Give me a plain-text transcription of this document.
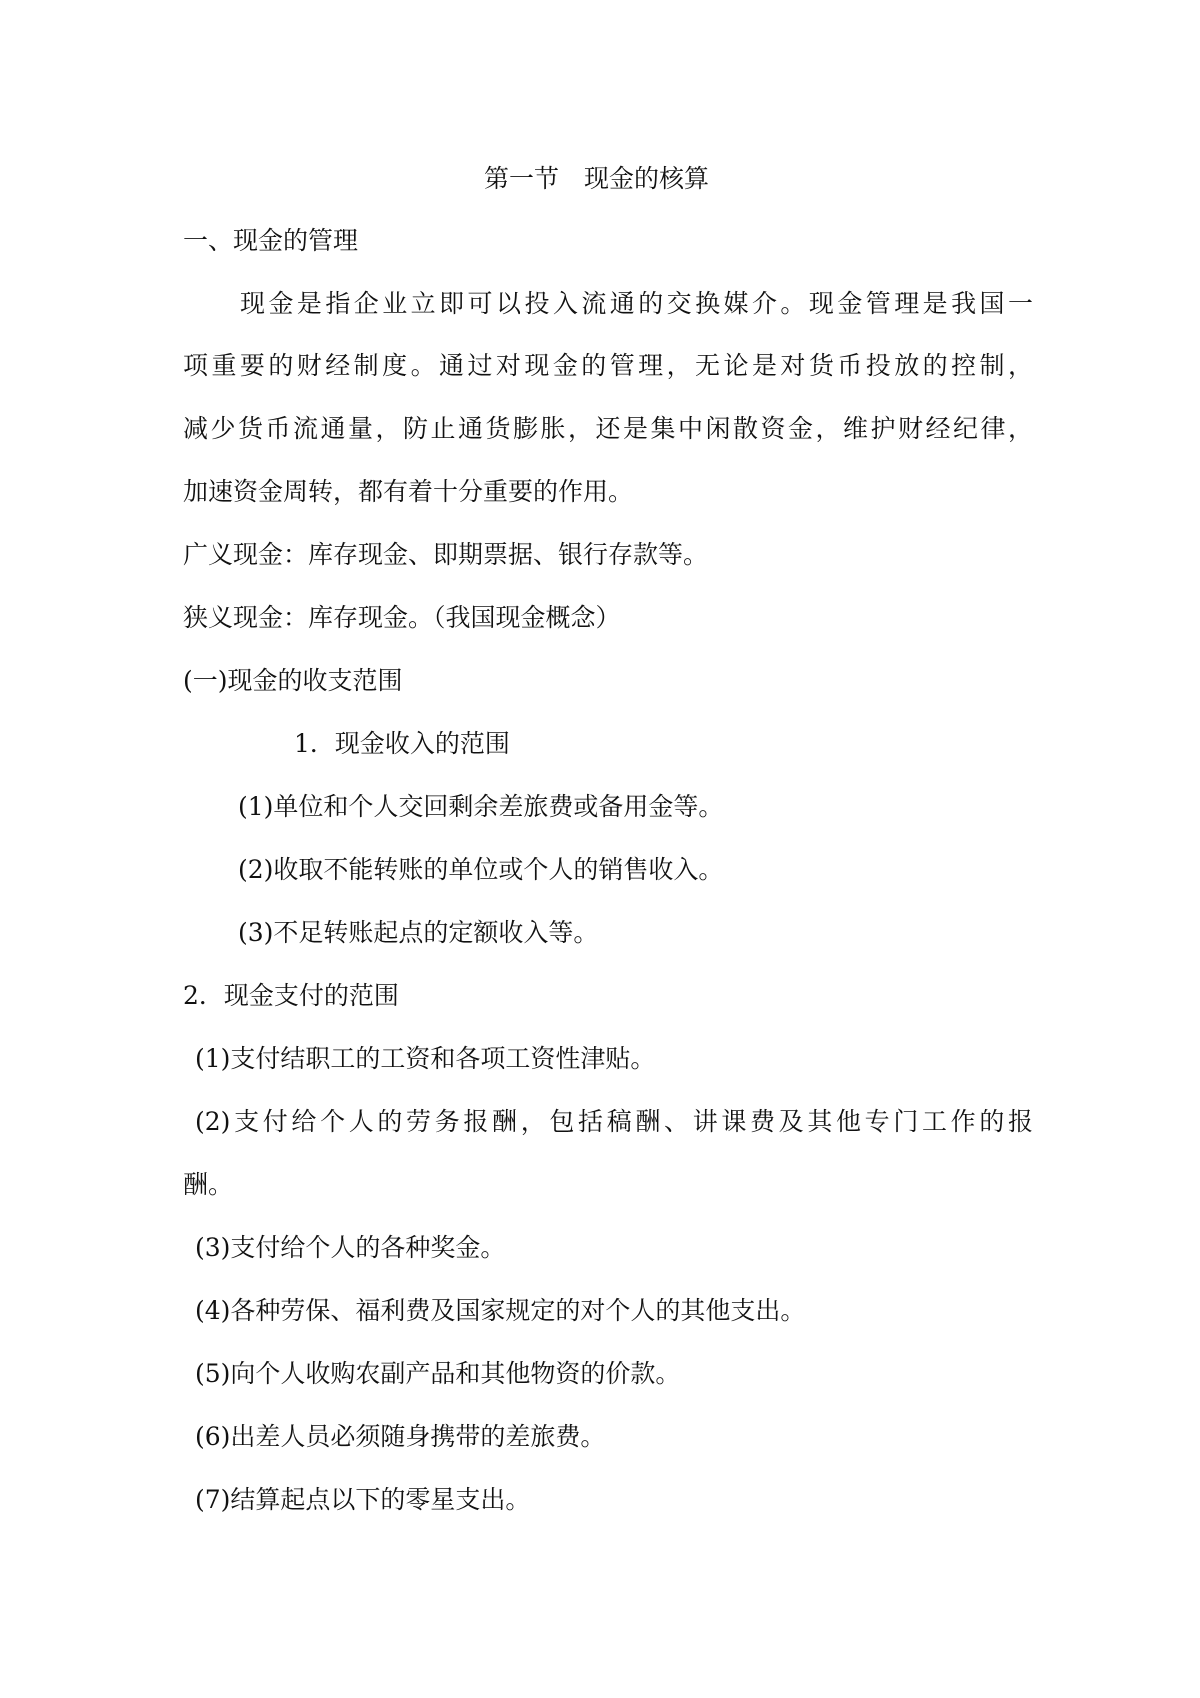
第一节　现金的核算
一、现金的管理
现金是指企业立即可以投入流通的交换媒介。现金管理是我国一
项重要的财经制度。通过对现金的管理，无论是对货币投放的控制，
减少货币流通量，防止通货膨胀，还是集中闲散资金，维护财经纪律，
加速资金周转，都有着十分重要的作用。
广义现金：库存现金、即期票据、银行存款等。
狭义现金：库存现金。（我国现金概念）
(一)现金的收支范围
1．现金收入的范围
(1)单位和个人交回剩余差旅费或备用金等。
(2)收取不能转账的单位或个人的销售收入。
(3)不足转账起点的定额收入等。
2．现金支付的范围
(1)支付结职工的工资和各项工资性津贴。
(2)支付给个人的劳务报酬，包括稿酬、讲课费及其他专门工作的报
酬。
(3)支付给个人的各种奖金。
(4)各种劳保、福利费及国家规定的对个人的其他支出。
(5)向个人收购农副产品和其他物资的价款。
(6)出差人员必须随身携带的差旅费。
(7)结算起点以下的零星支出。
